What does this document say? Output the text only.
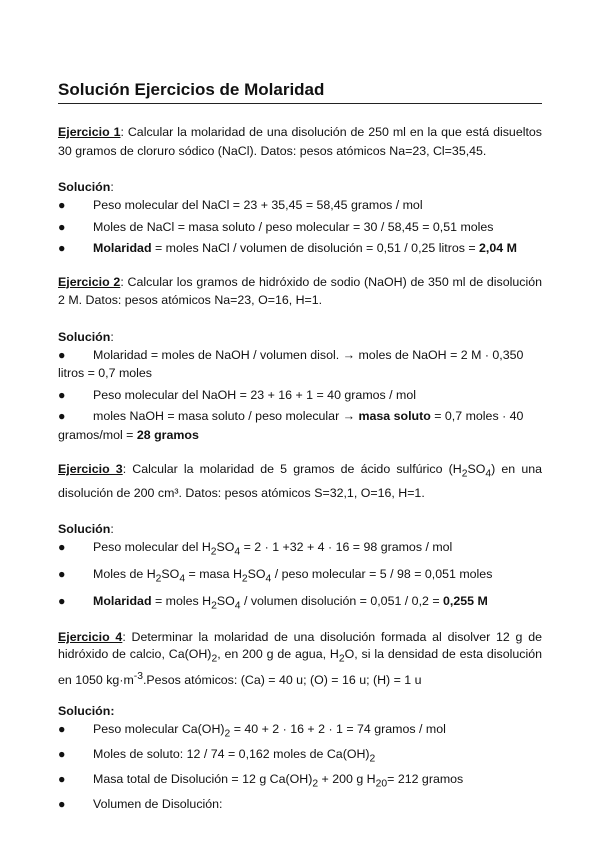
Solución Ejercicios de Molaridad

Ejercicio 1: Calcular la molaridad de una disolución de 250 ml en la que está disueltos 30 gramos de cloruro sódico (NaCl). Datos: pesos atómicos Na=23, Cl=35,45.

Solución:

● Peso molecular del NaCl = 23 + 35,45 = 58,45 gramos / mol
● Moles de NaCl = masa soluto / peso molecular = 30 / 58,45 = 0,51 moles
● Molaridad = moles NaCl / volumen de disolución = 0,51 / 0,25 litros = 2,04 M

Ejercicio 2: Calcular los gramos de hidróxido de sodio (NaOH) de 350 ml de disolución 2 M. Datos: pesos atómicos Na=23, O=16, H=1.

Solución:

● Molaridad = moles de NaOH / volumen disol. → moles de NaOH = 2 M · 0,350 litros = 0,7 moles
● Peso molecular del NaOH = 23 + 16 + 1 = 40 gramos / mol
● moles NaOH = masa soluto / peso molecular → masa soluto = 0,7 moles · 40 gramos/mol = 28 gramos

Ejercicio 3: Calcular la molaridad de 5 gramos de ácido sulfúrico $(H_2SO_4)$ en una disolución de 200 cm³. Datos: pesos atómicos S=32,1, O=16, H=1.

Solución:

● Peso molecular del $H_2SO_4 = 2 \cdot 1 +32 + 4 \cdot 16 = 98$ gramos / mol
● Moles de $H_2SO_4$ = masa $H_2SO_4$ / peso molecular = 5 / 98 = 0,051 moles
● Molaridad = moles $H_2SO_4$ / volumen disolución = 0,051 / 0,2 = 0,255 M

Ejercicio 4: Determinar la molaridad de una disolución formada al disolver 12 g de hidróxido de calcio, $Ca(OH)_2$, en 200 g de agua, $H_2O$, si la densidad de esta disolución en 1050 $kg\cdot m^{-3}.Pesos$ atómicos: (Ca) = 40 u; (O) = 16 u; (H) = 1 u

Solución:

● Peso molecular $Ca(OH)_2 = 40 + 2 \cdot 16 + 2 \cdot 1 = 74$ gramos / mol
● Moles de soluto: 12 / 74 = 0,162 moles de $Ca(OH)_2$
● Masa total de Disolución = 12 g $Ca(OH)_2 + 200$ g $H_{20}= 212$ gramos
● Volumen de Disolución:
